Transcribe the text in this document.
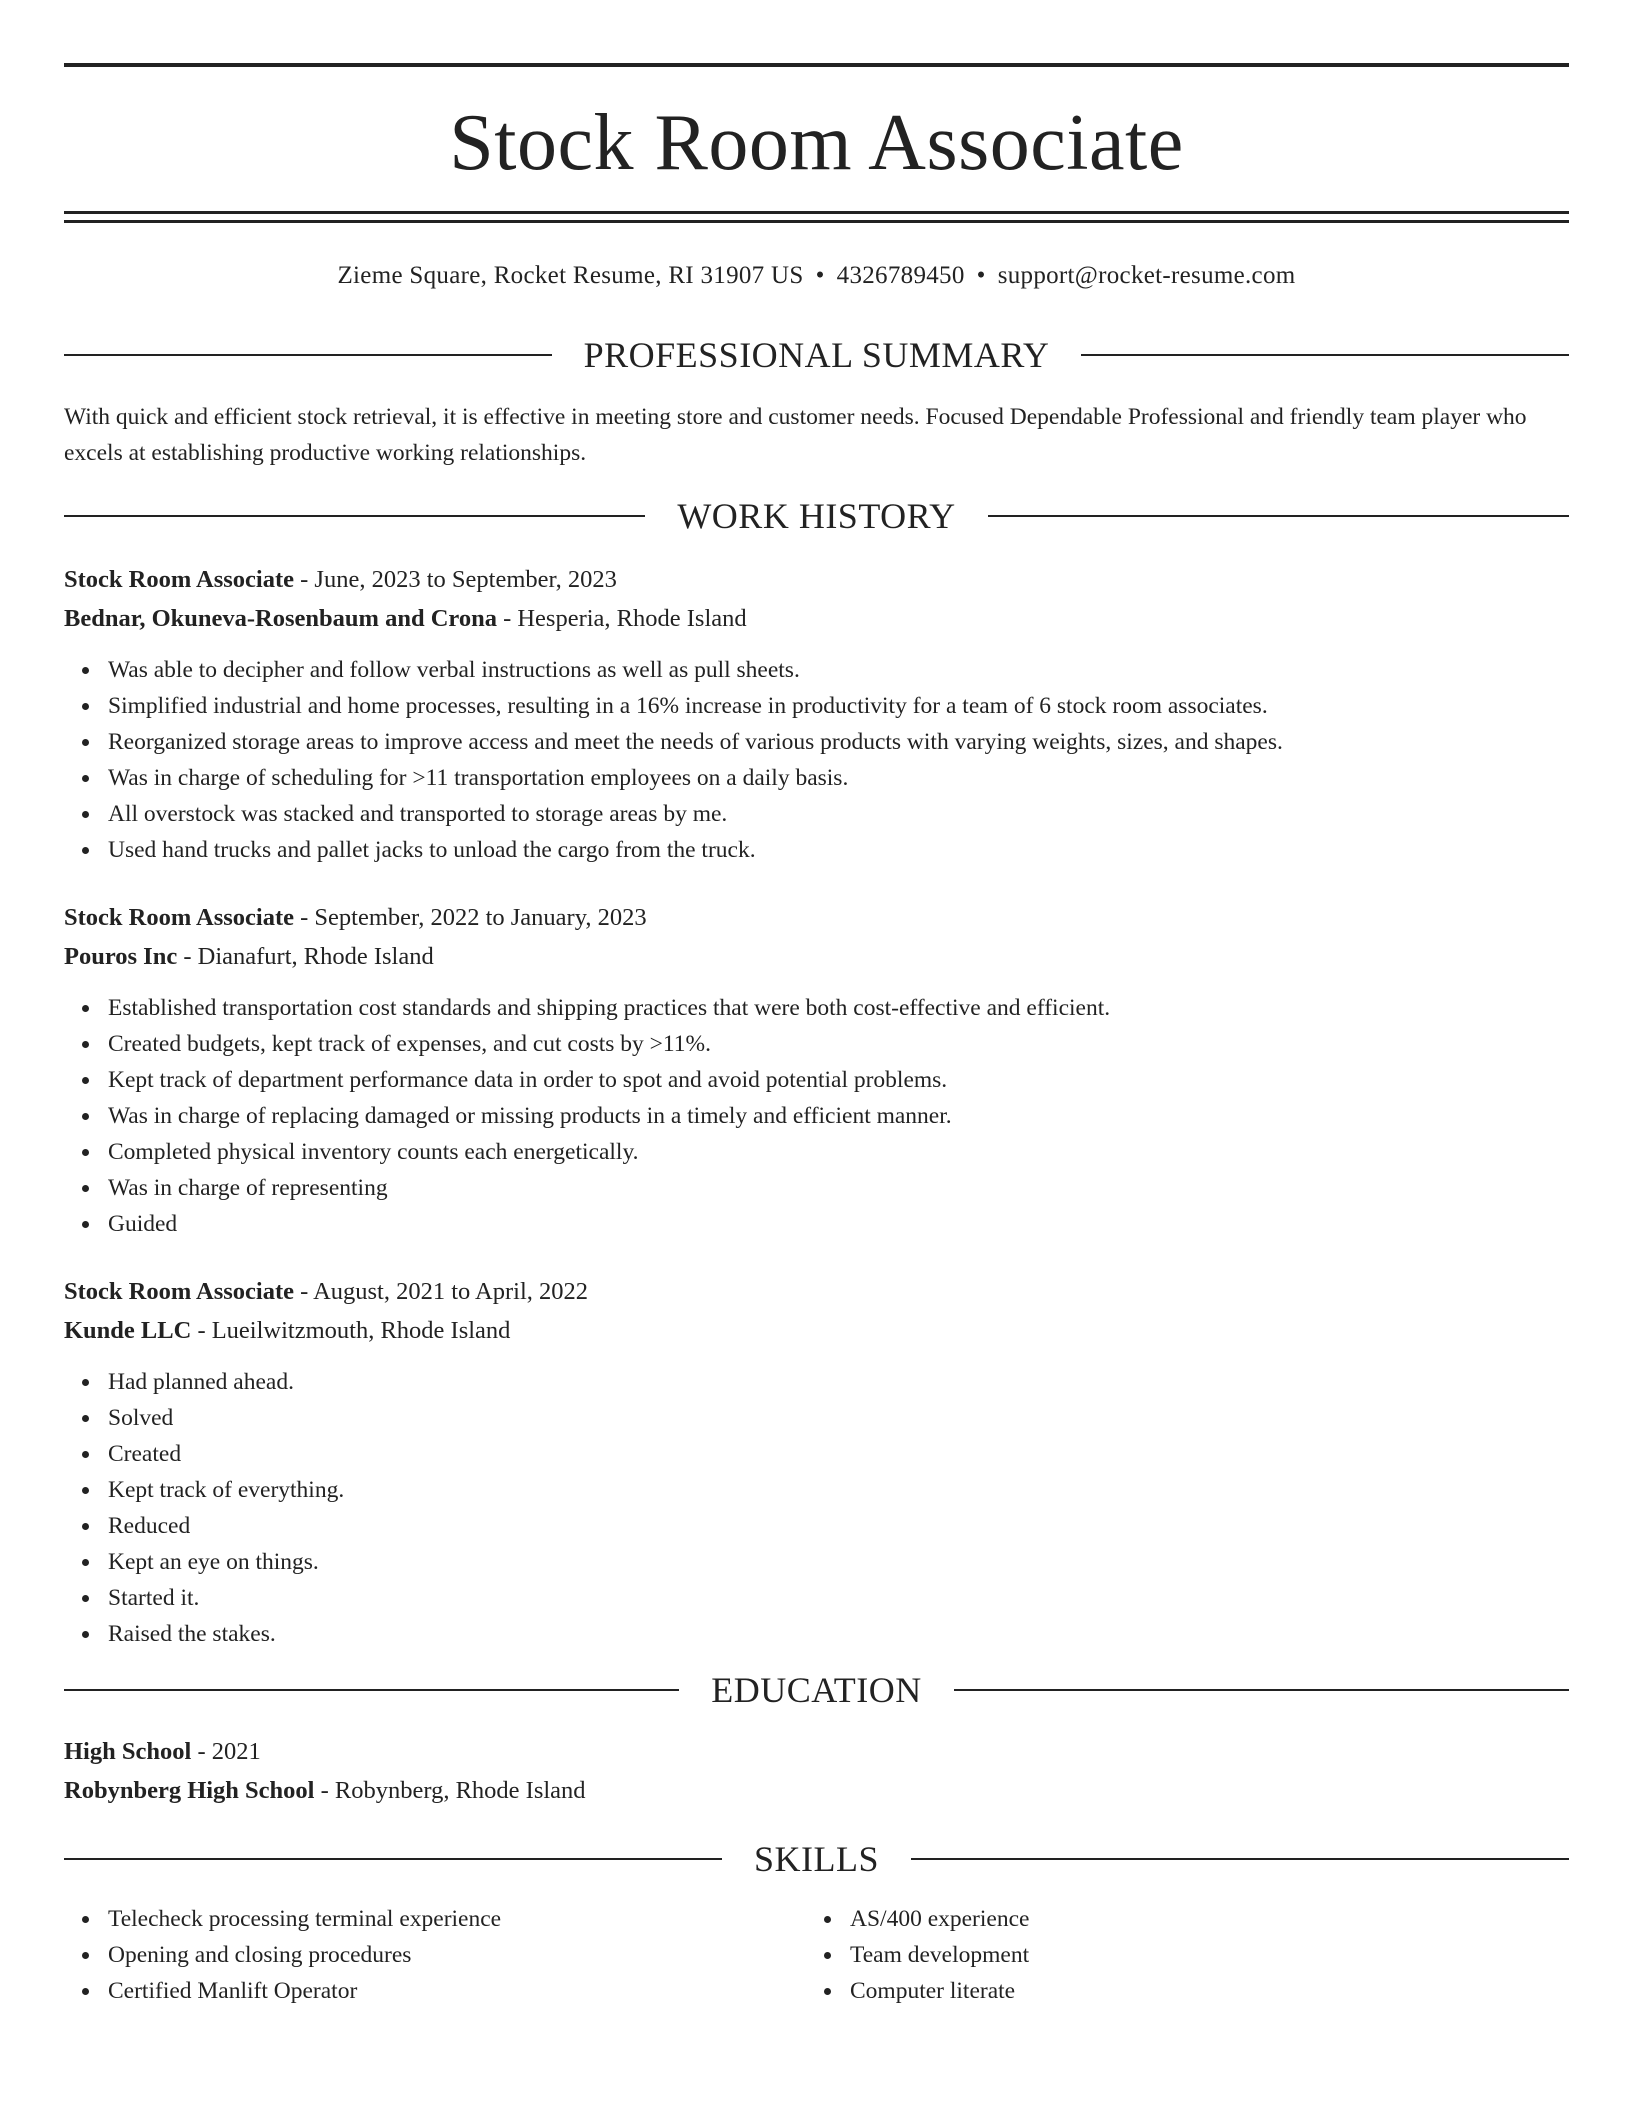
Stock Room Associate
Zieme Square, Rocket Resume, RI 31907 US • 4326789450 • support@rocket-resume.com
PROFESSIONAL SUMMARY

With quick and efficient stock retrieval, it is effective in meeting store and customer needs. Focused Dependable Professional and friendly team player who excels at establishing productive working relationships.

WORK HISTORY

Stock Room Associate - June, 2023 to September, 2023

Bednar, Okuneva-Rosenbaum and Crona - Hesperia, Rhode Island

Was able to decipher and follow verbal instructions as well as pull sheets.
Simplified industrial and home processes, resulting in a 16% increase in productivity for a team of 6 stock room associates.
Reorganized storage areas to improve access and meet the needs of various products with varying weights, sizes, and shapes.
Was in charge of scheduling for >11 transportation employees on a daily basis.
All overstock was stacked and transported to storage areas by me.
Used hand trucks and pallet jacks to unload the cargo from the truck.

Stock Room Associate - September, 2022 to January, 2023

Pouros Inc - Dianafurt, Rhode Island

Established transportation cost standards and shipping practices that were both cost-effective and efficient.
Created budgets, kept track of expenses, and cut costs by >11%.
Kept track of department performance data in order to spot and avoid potential problems.
Was in charge of replacing damaged or missing products in a timely and efficient manner.
Completed physical inventory counts each energetically.
Was in charge of representing
Guided

Stock Room Associate - August, 2021 to April, 2022

Kunde LLC - Lueilwitzmouth, Rhode Island

Had planned ahead.
Solved
Created
Kept track of everything.
Reduced
Kept an eye on things.
Started it.
Raised the stakes.
EDUCATION

High School - 2021

Robynberg High School - Robynberg, Rhode Island

SKILLS
Telecheck processing terminal experience
Opening and closing procedures
Certified Manlift Operator
AS/400 experience
Team development
Computer literate
